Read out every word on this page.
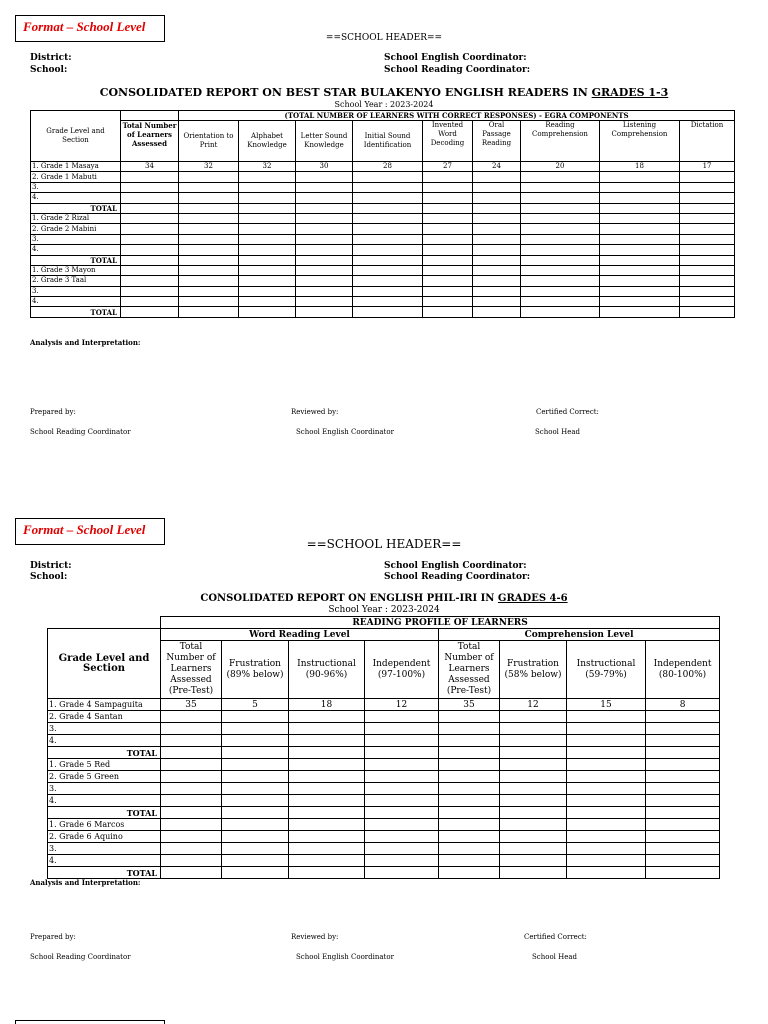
Format – School Level
==SCHOOL HEADER==
District:
School:
School English Coordinator:
School Reading Coordinator:
CONSOLIDATED REPORT ON BEST STAR BULAKENYO ENGLISH READERS IN GRADES 1-3
School Year : 2023-2024
Grade Level and Section		(TOTAL NUMBER OF LEARNERS WITH CORRECT RESPONSES) - EGRA COMPONENTS								
	Total Number of Learners Assessed	Orientation to Print	Alphabet Knowledge	Letter Sound Knowledge	Initial Sound Identification	Invented Word Decoding	Oral Passage Reading	Reading Comprehension	Listening Comprehension	Dictation
1. Grade 1 Masaya	34	32	32	30	28	27	24	20	18	17
2. Grade 1 Mabuti										
3.										
4.										
TOTAL										
1. Grade 2 Rizal										
2. Grade 2 Mabini										
3.										
4.										
TOTAL										
1. Grade 3 Mayon										
2. Grade 3 Taal										
3.										
4.										
TOTAL										
Analysis and Interpretation:
Prepared by:	Reviewed by:	Certified Correct:
School Reading Coordinator	School English Coordinator	School Head
Format – School Level
==SCHOOL HEADER==
District:
School:
School English Coordinator:
School Reading Coordinator:
CONSOLIDATED REPORT ON ENGLISH PHIL-IRI IN GRADES 4-6
School Year : 2023-2024
	READING PROFILE OF LEARNERS							
Grade Level and Section	Word Reading Level				Comprehension Level			
	Total Number of Learners Assessed (Pre-Test)	Frustration (89% below)	Instructional (90-96%)	Independent (97-100%)	Total Number of Learners Assessed (Pre-Test)	Frustration (58% below)	Instructional (59-79%)	Independent (80-100%)
1. Grade 4 Sampaguita	35	5	18	12	35	12	15	8
2. Grade 4 Santan								
3.								
4.								
TOTAL								
1. Grade 5 Red								
2. Grade 5 Green								
3.								
4.								
TOTAL								
1. Grade 6 Marcos								
2. Grade 6 Aquino								
3.								
4.								
TOTAL								
Analysis and Interpretation:
Prepared by:	Reviewed by:	Certified Correct:
School Reading Coordinator	School English Coordinator	School Head
